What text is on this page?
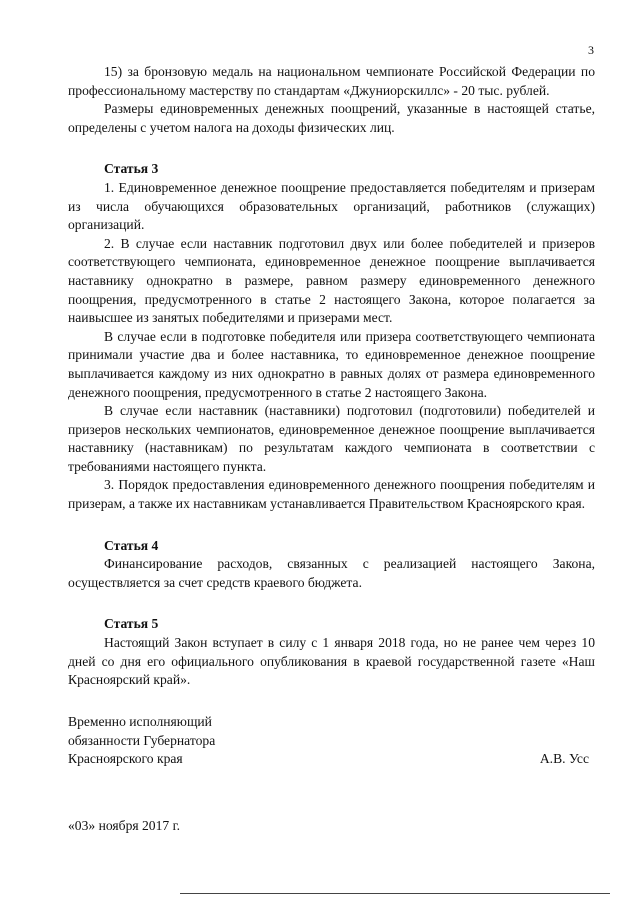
3

15) за бронзовую медаль на национальном чемпионате Российской Федерации по профессиональному мастерству по стандартам «Джуниорскиллс» - 20 тыс. рублей.

Размеры единовременных денежных поощрений, указанные в настоящей статье, определены с учетом налога на доходы физических лиц.

Статья 3

1. Единовременное денежное поощрение предоставляется победителям и призерам из числа обучающихся образовательных организаций, работников (служащих) организаций.

2. В случае если наставник подготовил двух или более победителей и призеров соответствующего чемпионата, единовременное денежное поощрение выплачивается наставнику однократно в размере, равном размеру единовременного денежного поощрения, предусмотренного в статье 2 настоящего Закона, которое полагается за наивысшее из занятых победителями и призерами мест.

В случае если в подготовке победителя или призера соответствующего чемпионата принимали участие два и более наставника, то единовременное денежное поощрение выплачивается каждому из них однократно в равных долях от размера единовременного денежного поощрения, предусмотренного в статье 2 настоящего Закона.

В случае если наставник (наставники) подготовил (подготовили) победителей и призеров нескольких чемпионатов, единовременное денежное поощрение выплачивается наставнику (наставникам) по результатам каждого чемпионата в соответствии с требованиями настоящего пункта.

3. Порядок предоставления единовременного денежного поощрения победителям и призерам, а также их наставникам устанавливается Правительством Красноярского края.

Статья 4

Финансирование расходов, связанных с реализацией настоящего Закона, осуществляется за счет средств краевого бюджета.

Статья 5

Настоящий Закон вступает в силу с 1 января 2018 года, но не ранее чем через 10 дней со дня его официального опубликования в краевой государственной газете «Наш Красноярский край».

Временно исполняющий
обязанности Губернатора
Красноярского края	А.В. Усс
«03» ноября 2017 г.
